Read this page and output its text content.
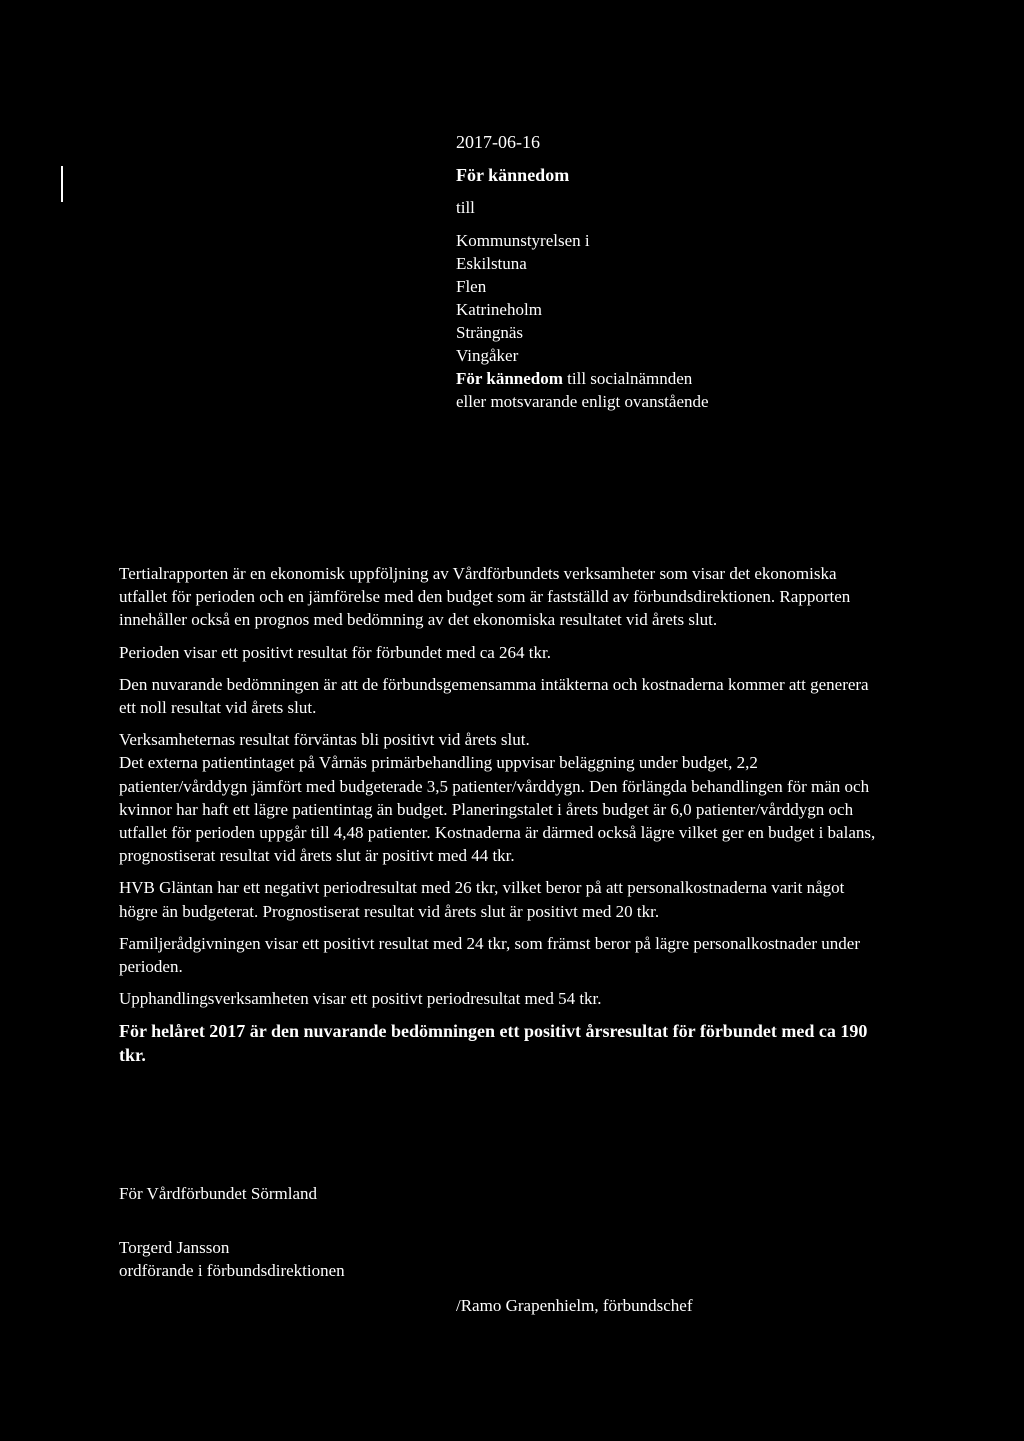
2017-06-16
För kännedom
till
Kommunstyrelsen i
Eskilstuna
Flen
Katrineholm
Strängnäs
Vingåker
För kännedom till socialnämnden
eller motsvarande enligt ovanstående

Tertialrapporten är en ekonomisk uppföljning av Vårdförbundets verksamheter som visar det ekonomiska utfallet för perioden och en jämförelse med den budget som är fastställd av förbundsdirektionen. Rapporten innehåller också en prognos med bedömning av det ekonomiska resultatet vid årets slut.

Perioden visar ett positivt resultat för förbundet med ca 264 tkr.

Den nuvarande bedömningen är att de förbundsgemensamma intäkterna och kostnaderna kommer att generera ett noll resultat vid årets slut.

Verksamheternas resultat förväntas bli positivt vid årets slut.

Det externa patientintaget på Vårnäs primärbehandling uppvisar beläggning under budget, 2,2 patienter/vårddygn jämfört med budgeterade 3,5 patienter/vårddygn. Den förlängda behandlingen för män och kvinnor har haft ett lägre patientintag än budget. Planeringstalet i årets budget är 6,0 patienter/vårddygn och utfallet för perioden uppgår till 4,48 patienter. Kostnaderna är därmed också lägre vilket ger en budget i balans, prognostiserat resultat vid årets slut är positivt med 44 tkr.

HVB Gläntan har ett negativt periodresultat med 26 tkr, vilket beror på att personalkostnaderna varit något högre än budgeterat. Prognostiserat resultat vid årets slut är positivt med 20 tkr.

Familjerådgivningen visar ett positivt resultat med 24 tkr, som främst beror på lägre personalkostnader under perioden.

Upphandlingsverksamheten visar ett positivt periodresultat med 54 tkr.

För helåret 2017 är den nuvarande bedömningen ett positivt årsresultat för förbundet med ca 190 tkr.

För Vårdförbundet Sörmland
Torgerd Jansson
ordförande i förbundsdirektionen
/Ramo Grapenhielm, förbundschef
